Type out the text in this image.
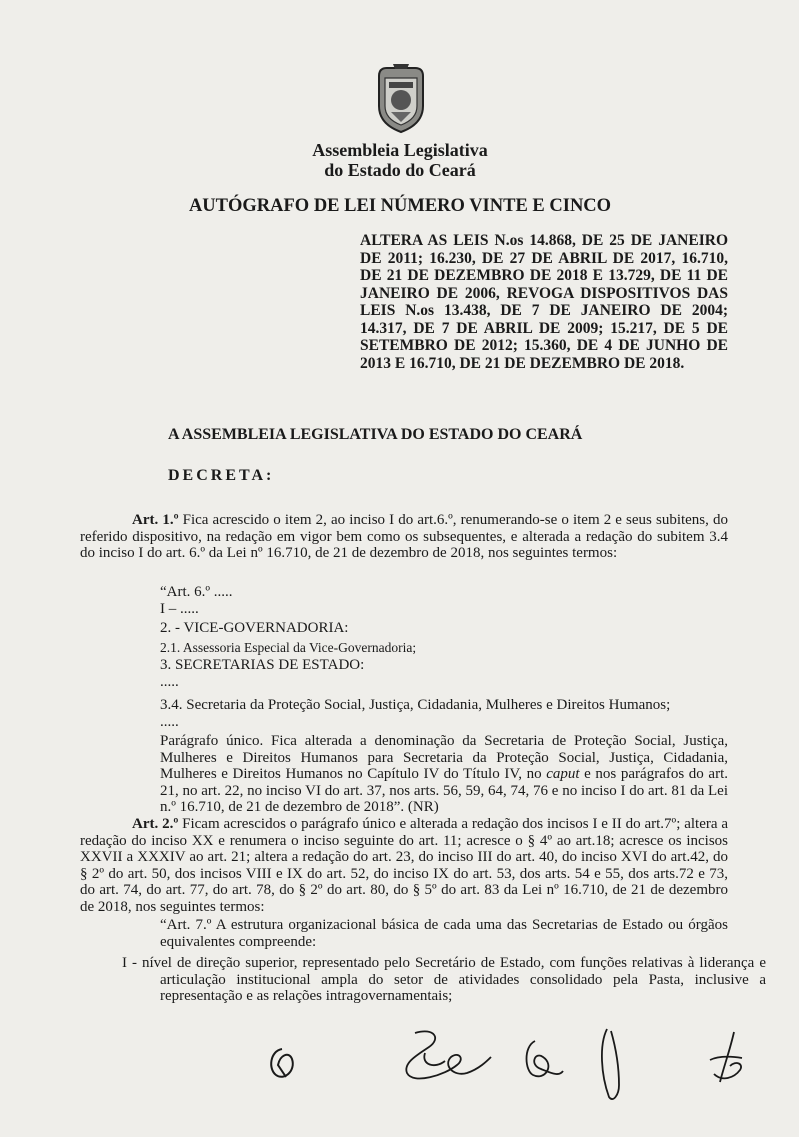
Assembleia Legislativa
do Estado do Ceará
AUTÓGRAFO DE LEI NÚMERO VINTE E CINCO

ALTERA AS LEIS N.os 14.868, DE 25 DE JANEIRO DE 2011; 16.230, DE 27 DE ABRIL DE 2017, 16.710, DE 21 DE DEZEMBRO DE 2018 E 13.729, DE 11 DE JANEIRO DE 2006, REVOGA DISPOSITIVOS DAS LEIS N.os 13.438, DE 7 DE JANEIRO DE 2004; 14.317, DE 7 DE ABRIL DE 2009; 15.217, DE 5 DE SETEMBRO DE 2012; 15.360, DE 4 DE JUNHO DE 2013 E 16.710, DE 21 DE DEZEMBRO DE 2018.

A ASSEMBLEIA LEGISLATIVA DO ESTADO DO CEARÁ

DECRETA:

Art. 1.º Fica acrescido o item 2, ao inciso I do art.6.º, renumerando-se o item 2 e seus subitens, do referido dispositivo, na redação em vigor bem como os subsequentes, e alterada a redação do subitem 3.4 do inciso I do art. 6.º da Lei nº 16.710, de 21 de dezembro de 2018, nos seguintes termos:

“Art. 6.º .....

I – .....

2. - VICE-GOVERNADORIA:

2.1. Assessoria Especial da Vice-Governadoria;

3. SECRETARIAS DE ESTADO:

.....

3.4. Secretaria da Proteção Social, Justiça, Cidadania, Mulheres e Direitos Humanos;

.....

Parágrafo único. Fica alterada a denominação da Secretaria de Proteção Social, Justiça, Mulheres e Direitos Humanos para Secretaria da Proteção Social, Justiça, Cidadania, Mulheres e Direitos Humanos no Capítulo IV do Título IV, no caput e nos parágrafos do art. 21, no art. 22, no inciso VI do art. 37, nos arts. 56, 59, 64, 74, 76 e no inciso I do art. 81 da Lei n.º 16.710, de 21 de dezembro de 2018”. (NR)

Art. 2.º Ficam acrescidos o parágrafo único e alterada a redação dos incisos I e II do art.7º; altera a redação do inciso XX e renumera o inciso seguinte do art. 11; acresce o § 4º ao art.18; acresce os incisos XXVII a XXXIV ao art. 21; altera a redação do art. 23, do inciso III do art. 40, do inciso XVI do art.42, do § 2º do art. 50, dos incisos VIII e IX do art. 52, do inciso IX do art. 53, dos arts. 54 e 55, dos arts.72 e 73, do art. 74, do art. 77, do art. 78, do § 2º do art. 80, do § 5º do art. 83 da Lei nº 16.710, de 21 de dezembro de 2018, nos seguintes termos:

“Art. 7.º A estrutura organizacional básica de cada uma das Secretarias de Estado ou órgãos equivalentes compreende:

I - nível de direção superior, representado pelo Secretário de Estado, com funções relativas à liderança e articulação institucional ampla do setor de atividades consolidado pela Pasta, inclusive a representação e as relações intragovernamentais;
